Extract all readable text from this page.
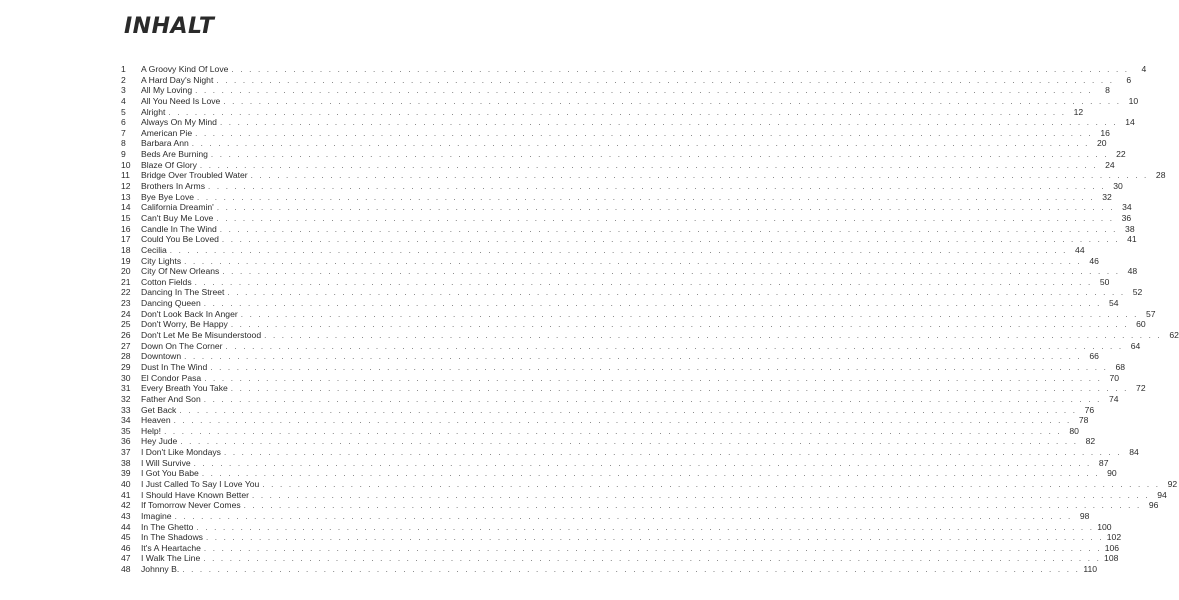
INHALT
1	A Groovy Kind Of Love . . . . . . . . . . . . . . . . . . . . . . . . . . . . . . . . . . . . . . . . . . . . . . . . . . . . . . . . . . . . . . . . . . . . . . . . . . . . . . . . . . . . . . . . . . . . . . . . . . . . . .	4
2	A Hard Day's Night . . . . . . . . . . . . . . . . . . . . . . . . . . . . . . . . . . . . . . . . . . . . . . . . . . . . . . . . . . . . . . . . . . . . . . . . . . . . . . . . . . . . . . . . . . . . . . . . . . . . . .	6
3	All My Loving . . . . . . . . . . . . . . . . . . . . . . . . . . . . . . . . . . . . . . . . . . . . . . . . . . . . . . . . . . . . . . . . . . . . . . . . . . . . . . . . . . . . . . . . . . . . . . . . . . . . . .	8
4	All You Need Is Love . . . . . . . . . . . . . . . . . . . . . . . . . . . . . . . . . . . . . . . . . . . . . . . . . . . . . . . . . . . . . . . . . . . . . . . . . . . . . . . . . . . . . . . . . . . . . . . . . . . . . . 10
5	Alright . . . . . . . . . . . . . . . . . . . . . . . . . . . . . . . . . . . . . . . . . . . . . . . . . . . . . . . . . . . . . . . . . . . . . . . . . . . . . . . . . . . . . . . . . . . . . . . . . . . . . . 12
6	Always On My Mind . . . . . . . . . . . . . . . . . . . . . . . . . . . . . . . . . . . . . . . . . . . . . . . . . . . . . . . . . . . . . . . . . . . . . . . . . . . . . . . . . . . . . . . . . . . . . . . . . . . . . . 14
7	American Pie . . . . . . . . . . . . . . . . . . . . . . . . . . . . . . . . . . . . . . . . . . . . . . . . . . . . . . . . . . . . . . . . . . . . . . . . . . . . . . . . . . . . . . . . . . . . . . . . . . . . . . 16
8	Barbara Ann . . . . . . . . . . . . . . . . . . . . . . . . . . . . . . . . . . . . . . . . . . . . . . . . . . . . . . . . . . . . . . . . . . . . . . . . . . . . . . . . . . . . . . . . . . . . . . . . . . . . . . 20
9	Beds Are Burning . . . . . . . . . . . . . . . . . . . . . . . . . . . . . . . . . . . . . . . . . . . . . . . . . . . . . . . . . . . . . . . . . . . . . . . . . . . . . . . . . . . . . . . . . . . . . . . . . . . . . . 22
10	Blaze Of Glory . . . . . . . . . . . . . . . . . . . . . . . . . . . . . . . . . . . . . . . . . . . . . . . . . . . . . . . . . . . . . . . . . . . . . . . . . . . . . . . . . . . . . . . . . . . . . . . . . . . . . . 24
11	Bridge Over Troubled Water . . . . . . . . . . . . . . . . . . . . . . . . . . . . . . . . . . . . . . . . . . . . . . . . . . . . . . . . . . . . . . . . . . . . . . . . . . . . . . . . . . . . . . . . . . . . . . . . . . . . . . 28
12	Brothers In Arms . . . . . . . . . . . . . . . . . . . . . . . . . . . . . . . . . . . . . . . . . . . . . . . . . . . . . . . . . . . . . . . . . . . . . . . . . . . . . . . . . . . . . . . . . . . . . . . . . . . . . . 30
13	Bye Bye Love . . . . . . . . . . . . . . . . . . . . . . . . . . . . . . . . . . . . . . . . . . . . . . . . . . . . . . . . . . . . . . . . . . . . . . . . . . . . . . . . . . . . . . . . . . . . . . . . . . . . . . 32
14	California Dreamin' . . . . . . . . . . . . . . . . . . . . . . . . . . . . . . . . . . . . . . . . . . . . . . . . . . . . . . . . . . . . . . . . . . . . . . . . . . . . . . . . . . . . . . . . . . . . . . . . . . . . . . 34
15	Can't Buy Me Love . . . . . . . . . . . . . . . . . . . . . . . . . . . . . . . . . . . . . . . . . . . . . . . . . . . . . . . . . . . . . . . . . . . . . . . . . . . . . . . . . . . . . . . . . . . . . . . . . . . . . . 36
16	Candle In The Wind . . . . . . . . . . . . . . . . . . . . . . . . . . . . . . . . . . . . . . . . . . . . . . . . . . . . . . . . . . . . . . . . . . . . . . . . . . . . . . . . . . . . . . . . . . . . . . . . . . . . . . 38
17	Could You Be Loved . . . . . . . . . . . . . . . . . . . . . . . . . . . . . . . . . . . . . . . . . . . . . . . . . . . . . . . . . . . . . . . . . . . . . . . . . . . . . . . . . . . . . . . . . . . . . . . . . . . . . . 41
18	Cecilia . . . . . . . . . . . . . . . . . . . . . . . . . . . . . . . . . . . . . . . . . . . . . . . . . . . . . . . . . . . . . . . . . . . . . . . . . . . . . . . . . . . . . . . . . . . . . . . . . . . . . . 44
19	City Lights . . . . . . . . . . . . . . . . . . . . . . . . . . . . . . . . . . . . . . . . . . . . . . . . . . . . . . . . . . . . . . . . . . . . . . . . . . . . . . . . . . . . . . . . . . . . . . . . . . . . . . 46
20	City Of New Orleans . . . . . . . . . . . . . . . . . . . . . . . . . . . . . . . . . . . . . . . . . . . . . . . . . . . . . . . . . . . . . . . . . . . . . . . . . . . . . . . . . . . . . . . . . . . . . . . . . . . . . . 48
21	Cotton Fields . . . . . . . . . . . . . . . . . . . . . . . . . . . . . . . . . . . . . . . . . . . . . . . . . . . . . . . . . . . . . . . . . . . . . . . . . . . . . . . . . . . . . . . . . . . . . . . . . . . . . . 50
22	Dancing In The Street . . . . . . . . . . . . . . . . . . . . . . . . . . . . . . . . . . . . . . . . . . . . . . . . . . . . . . . . . . . . . . . . . . . . . . . . . . . . . . . . . . . . . . . . . . . . . . . . . . . . . . 52
23	Dancing Queen . . . . . . . . . . . . . . . . . . . . . . . . . . . . . . . . . . . . . . . . . . . . . . . . . . . . . . . . . . . . . . . . . . . . . . . . . . . . . . . . . . . . . . . . . . . . . . . . . . . . . . 54
24	Don't Look Back In Anger . . . . . . . . . . . . . . . . . . . . . . . . . . . . . . . . . . . . . . . . . . . . . . . . . . . . . . . . . . . . . . . . . . . . . . . . . . . . . . . . . . . . . . . . . . . . . . . . . . . . . . 57
25	Don't Worry, Be Happy . . . . . . . . . . . . . . . . . . . . . . . . . . . . . . . . . . . . . . . . . . . . . . . . . . . . . . . . . . . . . . . . . . . . . . . . . . . . . . . . . . . . . . . . . . . . . . . . . . . . . . 60
26	Don't Let Me Be Misunderstood . . . . . . . . . . . . . . . . . . . . . . . . . . . . . . . . . . . . . . . . . . . . . . . . . . . . . . . . . . . . . . . . . . . . . . . . . . . . . . . . . . . . . . . . . . . . . . . . . . . . . . 62
27	Down On The Corner . . . . . . . . . . . . . . . . . . . . . . . . . . . . . . . . . . . . . . . . . . . . . . . . . . . . . . . . . . . . . . . . . . . . . . . . . . . . . . . . . . . . . . . . . . . . . . . . . . . . . . 64
28	Downtown . . . . . . . . . . . . . . . . . . . . . . . . . . . . . . . . . . . . . . . . . . . . . . . . . . . . . . . . . . . . . . . . . . . . . . . . . . . . . . . . . . . . . . . . . . . . . . . . . . . . . . 66
29	Dust In The Wind . . . . . . . . . . . . . . . . . . . . . . . . . . . . . . . . . . . . . . . . . . . . . . . . . . . . . . . . . . . . . . . . . . . . . . . . . . . . . . . . . . . . . . . . . . . . . . . . . . . . . . 68
30	El Condor Pasa . . . . . . . . . . . . . . . . . . . . . . . . . . . . . . . . . . . . . . . . . . . . . . . . . . . . . . . . . . . . . . . . . . . . . . . . . . . . . . . . . . . . . . . . . . . . . . . . . . . . . . 70
31	Every Breath You Take . . . . . . . . . . . . . . . . . . . . . . . . . . . . . . . . . . . . . . . . . . . . . . . . . . . . . . . . . . . . . . . . . . . . . . . . . . . . . . . . . . . . . . . . . . . . . . . . . . . . . . 72
32	Father And Son . . . . . . . . . . . . . . . . . . . . . . . . . . . . . . . . . . . . . . . . . . . . . . . . . . . . . . . . . . . . . . . . . . . . . . . . . . . . . . . . . . . . . . . . . . . . . . . . . . . . . . 74
33	Get Back . . . . . . . . . . . . . . . . . . . . . . . . . . . . . . . . . . . . . . . . . . . . . . . . . . . . . . . . . . . . . . . . . . . . . . . . . . . . . . . . . . . . . . . . . . . . . . . . . . . . . . 76
34	Heaven . . . . . . . . . . . . . . . . . . . . . . . . . . . . . . . . . . . . . . . . . . . . . . . . . . . . . . . . . . . . . . . . . . . . . . . . . . . . . . . . . . . . . . . . . . . . . . . . . . . . . . 78
35	Help! . . . . . . . . . . . . . . . . . . . . . . . . . . . . . . . . . . . . . . . . . . . . . . . . . . . . . . . . . . . . . . . . . . . . . . . . . . . . . . . . . . . . . . . . . . . . . . . . . . . . . . 80
36	Hey Jude . . . . . . . . . . . . . . . . . . . . . . . . . . . . . . . . . . . . . . . . . . . . . . . . . . . . . . . . . . . . . . . . . . . . . . . . . . . . . . . . . . . . . . . . . . . . . . . . . . . . . . 82
37	I Don't Like Mondays . . . . . . . . . . . . . . . . . . . . . . . . . . . . . . . . . . . . . . . . . . . . . . . . . . . . . . . . . . . . . . . . . . . . . . . . . . . . . . . . . . . . . . . . . . . . . . . . . . . . . . 84
38	I Will Survive . . . . . . . . . . . . . . . . . . . . . . . . . . . . . . . . . . . . . . . . . . . . . . . . . . . . . . . . . . . . . . . . . . . . . . . . . . . . . . . . . . . . . . . . . . . . . . . . . . . . . . 87
39	I Got You Babe . . . . . . . . . . . . . . . . . . . . . . . . . . . . . . . . . . . . . . . . . . . . . . . . . . . . . . . . . . . . . . . . . . . . . . . . . . . . . . . . . . . . . . . . . . . . . . . . . . . . . . 90
40	I Just Called To Say I Love You . . . . . . . . . . . . . . . . . . . . . . . . . . . . . . . . . . . . . . . . . . . . . . . . . . . . . . . . . . . . . . . . . . . . . . . . . . . . . . . . . . . . . . . . . . . . . . . . . . . . . . 92
41	I Should Have Known Better . . . . . . . . . . . . . . . . . . . . . . . . . . . . . . . . . . . . . . . . . . . . . . . . . . . . . . . . . . . . . . . . . . . . . . . . . . . . . . . . . . . . . . . . . . . . . . . . . . . . . . 94
42	If Tomorrow Never Comes . . . . . . . . . . . . . . . . . . . . . . . . . . . . . . . . . . . . . . . . . . . . . . . . . . . . . . . . . . . . . . . . . . . . . . . . . . . . . . . . . . . . . . . . . . . . . . . . . . . . . . 96
43	Imagine . . . . . . . . . . . . . . . . . . . . . . . . . . . . . . . . . . . . . . . . . . . . . . . . . . . . . . . . . . . . . . . . . . . . . . . . . . . . . . . . . . . . . . . . . . . . . . . . . . . . . . 98
44	In The Ghetto . . . . . . . . . . . . . . . . . . . . . . . . . . . . . . . . . . . . . . . . . . . . . . . . . . . . . . . . . . . . . . . . . . . . . . . . . . . . . . . . . . . . . . . . . . . . . . . . . . . . . . 100
45	In The Shadows . . . . . . . . . . . . . . . . . . . . . . . . . . . . . . . . . . . . . . . . . . . . . . . . . . . . . . . . . . . . . . . . . . . . . . . . . . . . . . . . . . . . . . . . . . . . . . . . . . . . . . 102
46	It's A Heartache . . . . . . . . . . . . . . . . . . . . . . . . . . . . . . . . . . . . . . . . . . . . . . . . . . . . . . . . . . . . . . . . . . . . . . . . . . . . . . . . . . . . . . . . . . . . . . . . . . . . . . 106
47	I Walk The Line . . . . . . . . . . . . . . . . . . . . . . . . . . . . . . . . . . . . . . . . . . . . . . . . . . . . . . . . . . . . . . . . . . . . . . . . . . . . . . . . . . . . . . . . . . . . . . . . . . . . . . 108
48	Johnny B. . . . . . . . . . . . . . . . . . . . . . . . . . . . . . . . . . . . . . . . . . . . . . . . . . . . . . . . . . . . . . . . . . . . . . . . . . . . . . . . . . . . . . . . . . . . . . . . . . . . . . . 110
